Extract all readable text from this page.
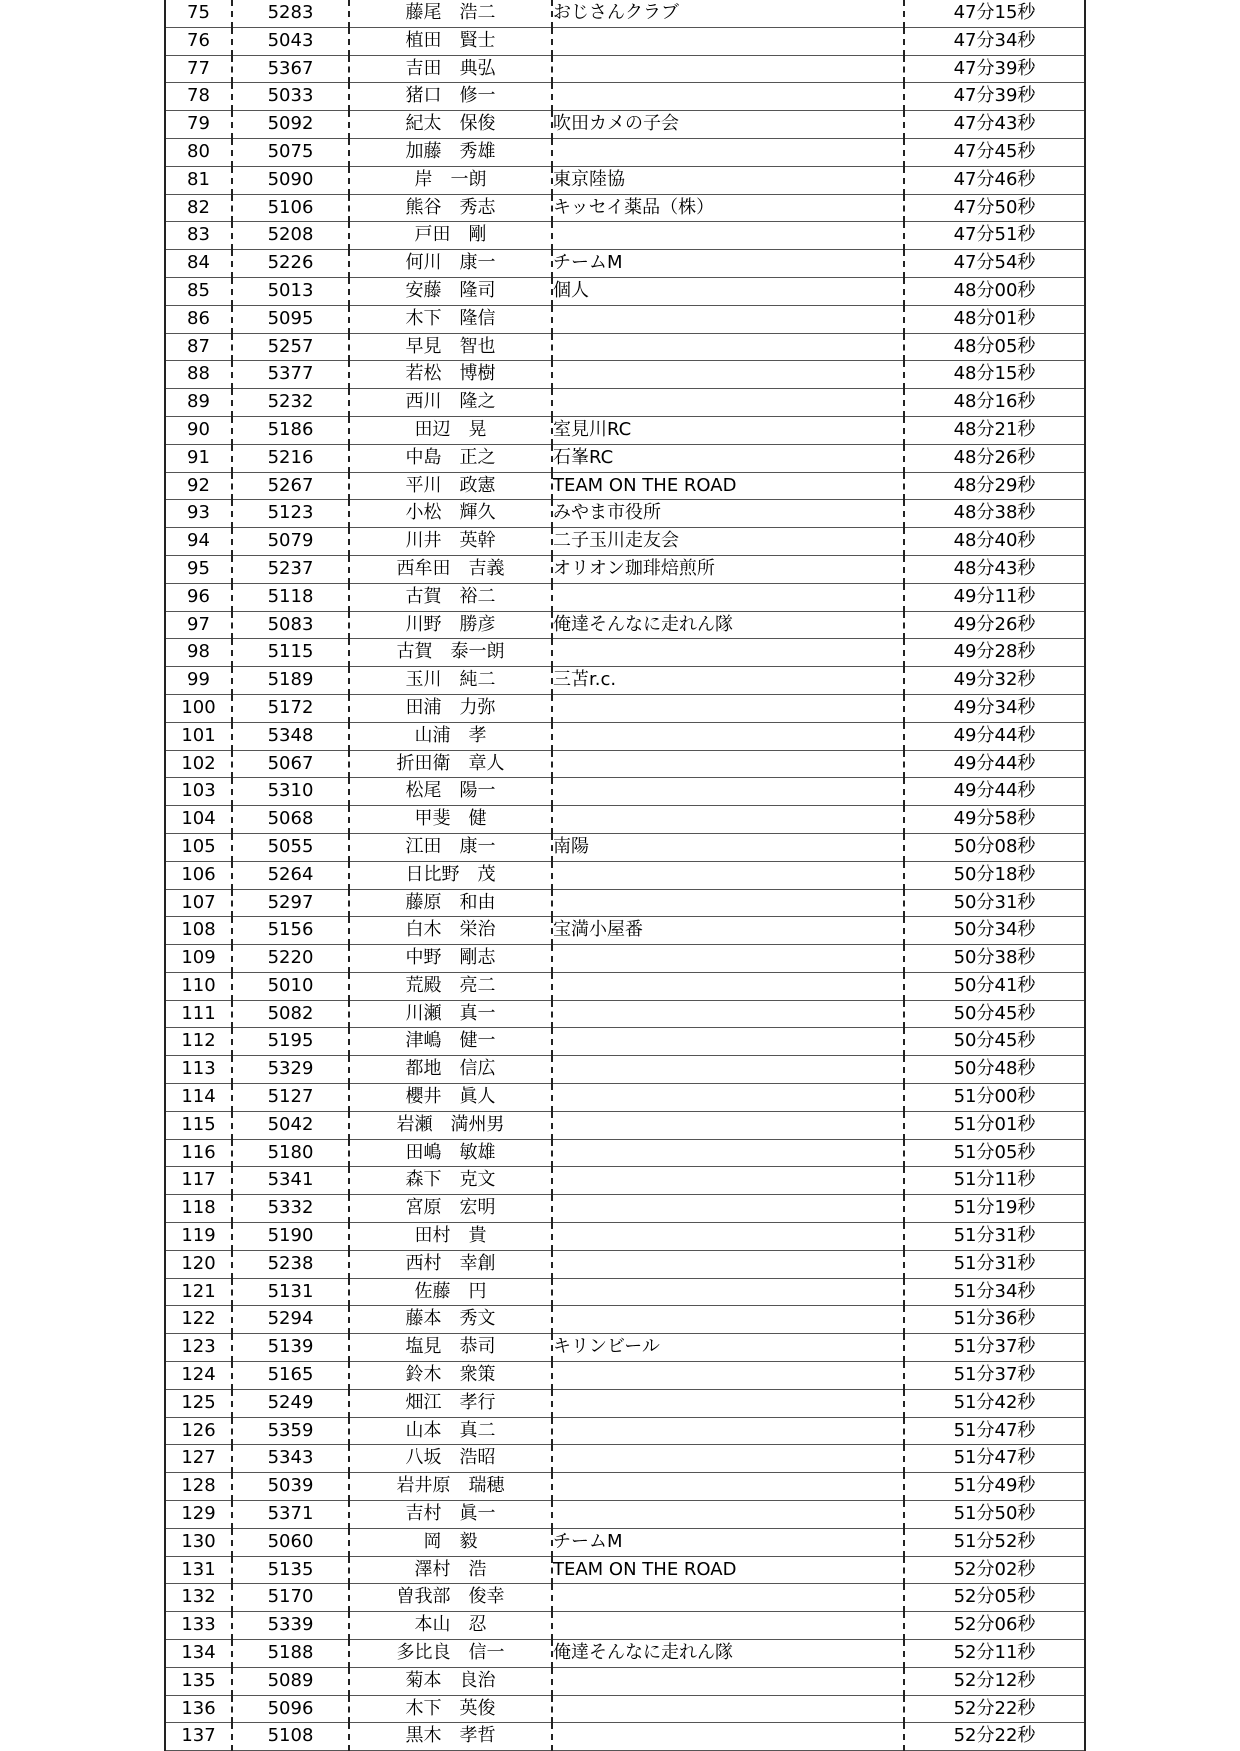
75	5283	藤尾　浩二	おじさんクラブ	47分15秒
76	5043	植田　賢士		47分34秒
77	5367	吉田　典弘		47分39秒
78	5033	猪口　修一		47分39秒
79	5092	紀太　保俊	吹田カメの子会	47分43秒
80	5075	加藤　秀雄		47分45秒
81	5090	岸　一朗	東京陸協	47分46秒
82	5106	熊谷　秀志	キッセイ薬品（株）	47分50秒
83	5208	戸田　剛		47分51秒
84	5226	何川　康一	チームM	47分54秒
85	5013	安藤　隆司	個人	48分00秒
86	5095	木下　隆信		48分01秒
87	5257	早見　智也		48分05秒
88	5377	若松　博樹		48分15秒
89	5232	西川　隆之		48分16秒
90	5186	田辺　晃	室見川RC	48分21秒
91	5216	中島　正之	石峯RC	48分26秒
92	5267	平川　政憲	TEAM ON THE ROAD	48分29秒
93	5123	小松　輝久	みやま市役所	48分38秒
94	5079	川井　英幹	二子玉川走友会	48分40秒
95	5237	西牟田　吉義	オリオン珈琲焙煎所	48分43秒
96	5118	古賀　裕二		49分11秒
97	5083	川野　勝彦	俺達そんなに走れん隊	49分26秒
98	5115	古賀　泰一朗		49分28秒
99	5189	玉川　純二	三苫r.c.	49分32秒
100	5172	田浦　力弥		49分34秒
101	5348	山浦　孝		49分44秒
102	5067	折田衛　章人		49分44秒
103	5310	松尾　陽一		49分44秒
104	5068	甲斐　健		49分58秒
105	5055	江田　康一	南陽	50分08秒
106	5264	日比野　茂		50分18秒
107	5297	藤原　和由		50分31秒
108	5156	白木　栄治	宝満小屋番	50分34秒
109	5220	中野　剛志		50分38秒
110	5010	荒殿　亮二		50分41秒
111	5082	川瀬　真一		50分45秒
112	5195	津嶋　健一		50分45秒
113	5329	都地　信広		50分48秒
114	5127	櫻井　眞人		51分00秒
115	5042	岩瀬　満州男		51分01秒
116	5180	田嶋　敏雄		51分05秒
117	5341	森下　克文		51分11秒
118	5332	宮原　宏明		51分19秒
119	5190	田村　貴		51分31秒
120	5238	西村　幸創		51分31秒
121	5131	佐藤　円		51分34秒
122	5294	藤本　秀文		51分36秒
123	5139	塩見　恭司	キリンビール	51分37秒
124	5165	鈴木　衆策		51分37秒
125	5249	畑江　孝行		51分42秒
126	5359	山本　真二		51分47秒
127	5343	八坂　浩昭		51分47秒
128	5039	岩井原　瑞穂		51分49秒
129	5371	吉村　眞一		51分50秒
130	5060	岡　毅	チームM	51分52秒
131	5135	澤村　浩	TEAM ON THE ROAD	52分02秒
132	5170	曽我部　俊幸		52分05秒
133	5339	本山　忍		52分06秒
134	5188	多比良　信一	俺達そんなに走れん隊	52分11秒
135	5089	菊本　良治		52分12秒
136	5096	木下　英俊		52分22秒
137	5108	黒木　孝哲		52分22秒
